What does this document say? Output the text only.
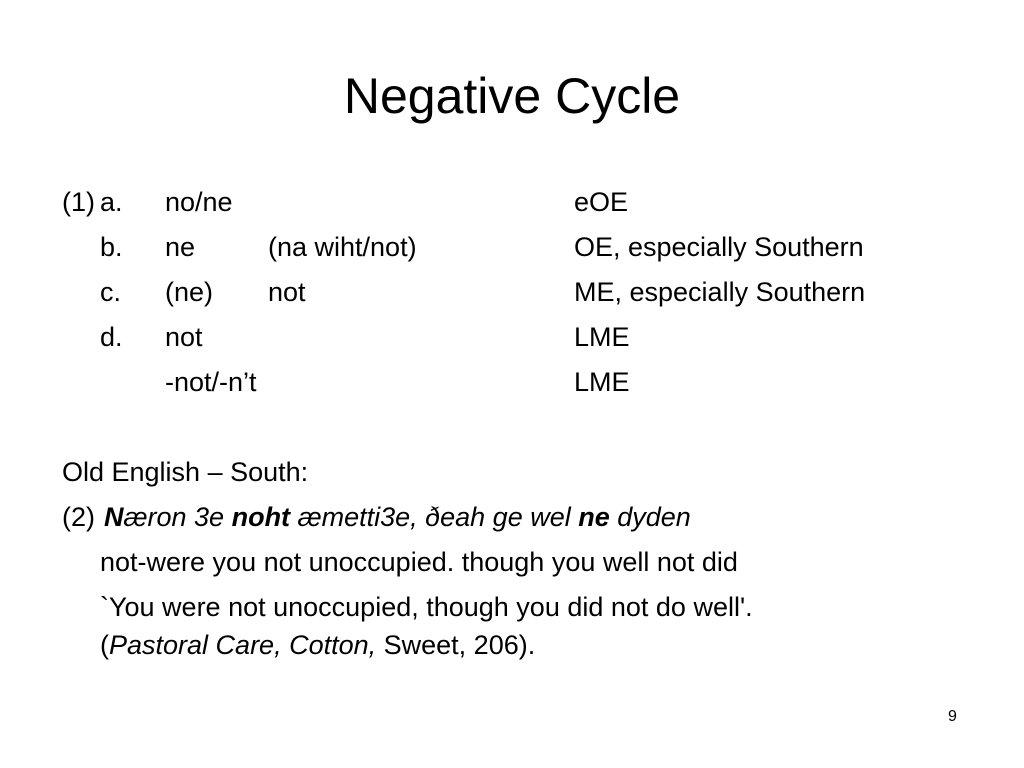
Negative Cycle
(1) a. no/ne	eOE
b. ne	(na wiht/not)	OE, especially Southern
c. (ne) not	ME, especially Southern
d. not	LME
-not/-n’t	LME
Old English – South:
(2) Næron 3e noht æmetti3e, ðeah ge wel ne dyden
not-were you not unoccupied. though you well not did
`You were not unoccupied, though you did not do well'.
(Pastoral Care, Cotton, Sweet, 206).
9
